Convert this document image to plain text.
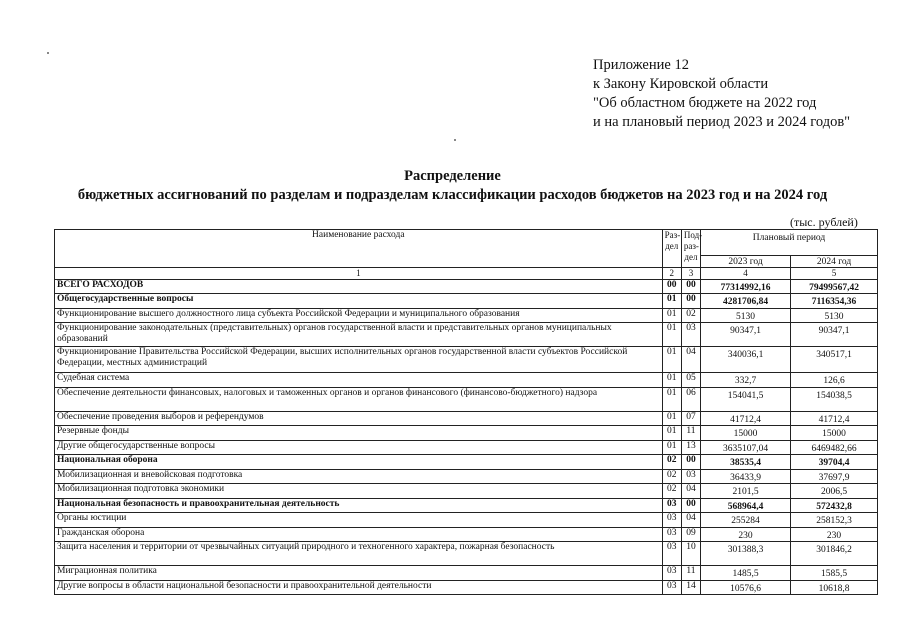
Приложение 12
к Закону Кировской области
"Об областном бюджете на 2022 год
и на плановый период 2023 и 2024 годов"
Распределение
бюджетных ассигнований по разделам и подразделам классификации расходов бюджетов на 2023 год и на 2024 год
(тыс. рублей)
Наименование расхода	Раз-дел	Под-раз-дел	Плановый период	
			2023 год	2024 год
1	2	3	4	5
ВСЕГО РАСХОДОВ	00	00	77314992,16	79499567,42
Общегосударственные вопросы	01	00	4281706,84	7116354,36
Функционирование высшего должностного лица субъекта Российской Федерации и муниципального образования	01	02	5130	5130
Функционирование законодательных (представительных) органов государственной власти и представительных органов муниципальных образований	01	03	90347,1	90347,1
Функционирование Правительства Российской Федерации, высших исполнительных органов государственной власти субъектов Российской Федерации, местных администраций	01	04	340036,1	340517,1
Судебная система	01	05	332,7	126,6
Обеспечение деятельности финансовых, налоговых и таможенных органов и органов финансового (финансово-бюджетного) надзора	01	06	154041,5	154038,5
Обеспечение проведения выборов и референдумов	01	07	41712,4	41712,4
Резервные фонды	01	11	15000	15000
Другие общегосударственные вопросы	01	13	3635107,04	6469482,66
Национальная оборона	02	00	38535,4	39704,4
Мобилизационная и вневойсковая подготовка	02	03	36433,9	37697,9
Мобилизационная подготовка экономики	02	04	2101,5	2006,5
Национальная безопасность и правоохранительная деятельность	03	00	568964,4	572432,8
Органы юстиции	03	04	255284	258152,3
Гражданская оборона	03	09	230	230
Защита населения и территории от чрезвычайных ситуаций природного и техногенного характера, пожарная безопасность	03	10	301388,3	301846,2
Миграционная политика	03	11	1485,5	1585,5
Другие вопросы в области национальной безопасности и правоохранительной деятельности	03	14	10576,6	10618,8
